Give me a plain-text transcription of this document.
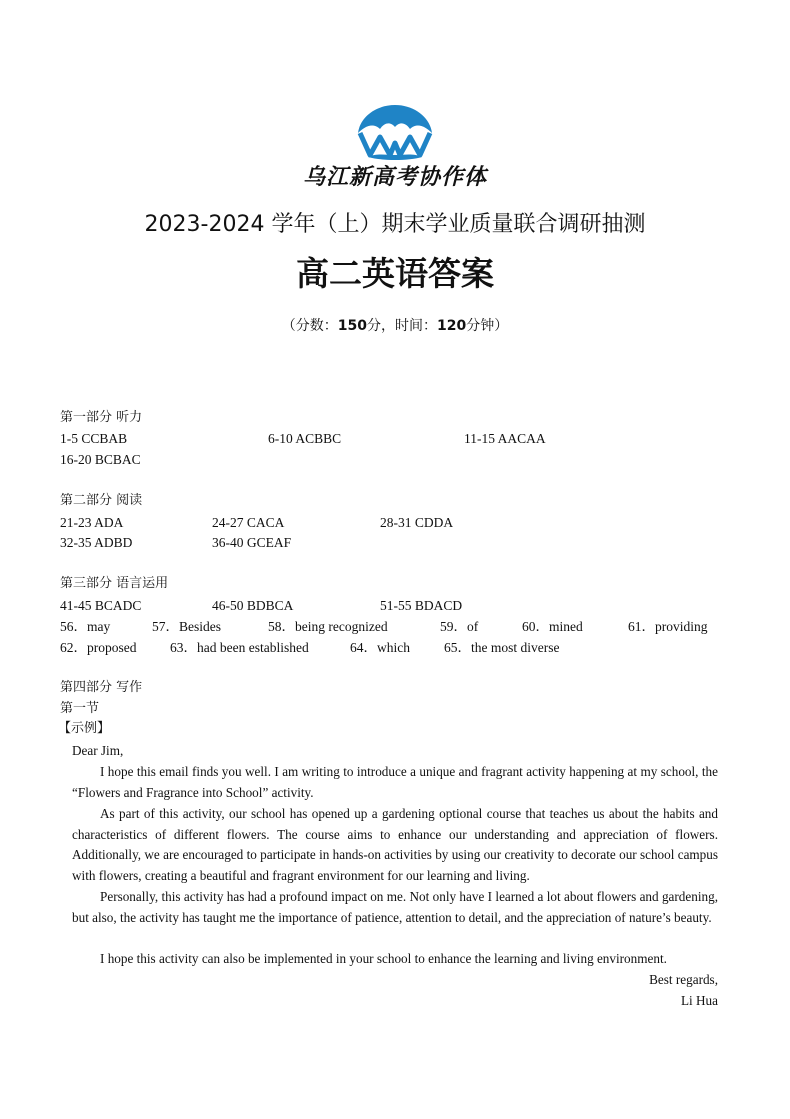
乌江新高考协作体
2023-2024 学年（上）期末学业质量联合调研抽测
高二英语答案
（分数：150分，时间：120分钟）
第一部分 听力
1-5 CCBAB	6-10 ACBBC	11-15 AACAA
16-20 BCBAC
第二部分 阅读
21-23 ADA	24-27 CACA	28-31 CDDA
32-35 ADBD	36-40 GCEAF
第三部分 语言运用
41-45 BCADC	46-50 BDBCA	51-55 BDACD
56．may	57．Besides	58．being recognized	59．of	60．mined	61．providing
62．proposed 63．had been established	64．which	65．the most diverse
第四部分 写作
第一节
【示例】
Dear Jim,
I hope this email finds you well. I am writing to introduce a unique and fragrant activity happening at my school, the “Flowers and Fragrance into School” activity.
As part of this activity, our school has opened up a gardening optional course that teaches us about the habits and characteristics of different flowers. The course aims to enhance our understanding and appreciation of flowers. Additionally, we are encouraged to participate in hands-on activities by using our creativity to decorate our school campus with flowers, creating a beautiful and fragrant environment for our learning and living.
Personally, this activity has had a profound impact on me. Not only have I learned a lot about flowers and gardening, but also, the activity has taught me the importance of patience, attention to detail, and the appreciation of nature’s beauty.
I hope this activity can also be implemented in your school to enhance the learning and living environment.
Best regards,
Li Hua
